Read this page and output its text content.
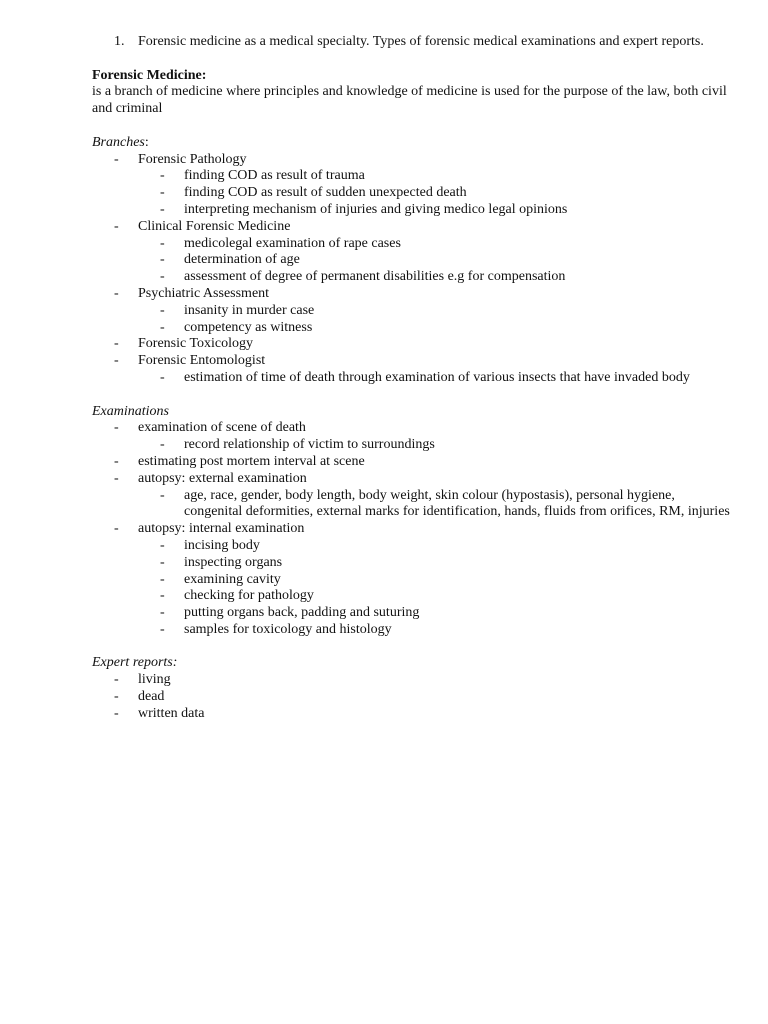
1. Forensic medicine as a medical specialty. Types of forensic medical examinations and expert reports.
Forensic Medicine:
is a branch of medicine where principles and knowledge of medicine is used for the purpose of the law, both civil and criminal
Branches:
- Forensic Pathology
- finding COD as result of trauma
- finding COD as result of sudden unexpected death
- interpreting mechanism of injuries and giving medico legal opinions
- Clinical Forensic Medicine
- medicolegal examination of rape cases
- determination of age
- assessment of degree of permanent disabilities e.g for compensation
- Psychiatric Assessment
- insanity in murder case
- competency as witness
- Forensic Toxicology
- Forensic Entomologist
- estimation of time of death through examination of various insects that have invaded body
Examinations
- examination of scene of death
- record relationship of victim to surroundings
- estimating post mortem interval at scene
- autopsy: external examination
- age, race, gender, body length, body weight, skin colour (hypostasis), personal hygiene, congenital deformities, external marks for identification, hands, fluids from orifices, RM, injuries
- autopsy: internal examination
- incising body
- inspecting organs
- examining cavity
- checking for pathology
- putting organs back, padding and suturing
- samples for toxicology and histology
Expert reports:
- living
- dead
- written data
